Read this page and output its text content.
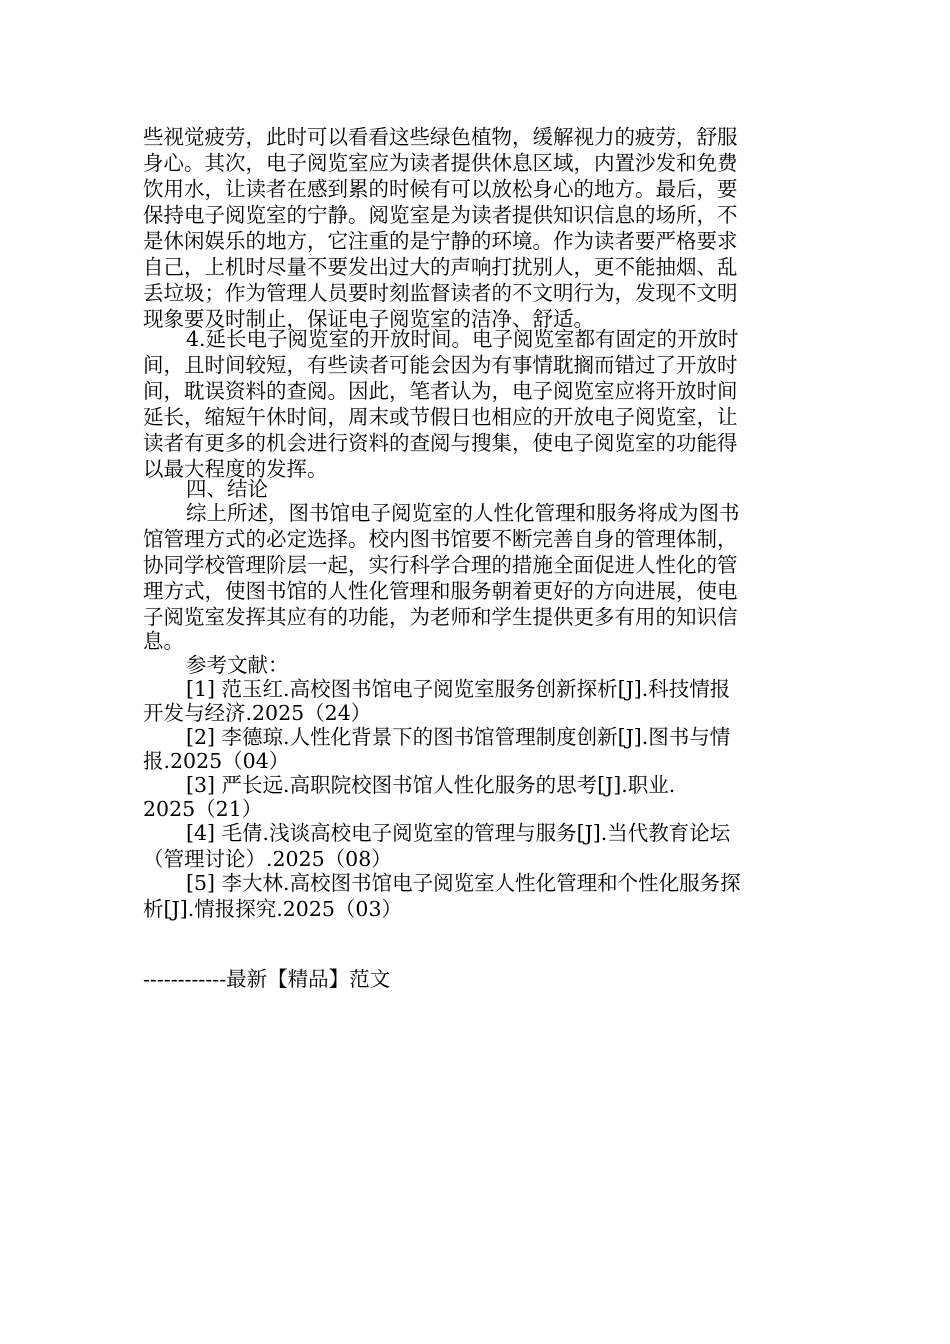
些视觉疲劳，此时可以看看这些绿色植物，缓解视力的疲劳，舒服
身心。其次，电子阅览室应为读者提供休息区域，内置沙发和免费
饮用水，让读者在感到累的时候有可以放松身心的地方。最后，要
保持电子阅览室的宁静。阅览室是为读者提供知识信息的场所，不
是休闲娱乐的地方，它注重的是宁静的环境。作为读者要严格要求
自己，上机时尽量不要发出过大的声响打扰别人，更不能抽烟、乱
丢垃圾；作为管理人员要时刻监督读者的不文明行为，发现不文明
现象要及时制止，保证电子阅览室的洁净、舒适。
4.延长电子阅览室的开放时间。电子阅览室都有固定的开放时
间，且时间较短，有些读者可能会因为有事情耽搁而错过了开放时
间，耽误资料的查阅。因此，笔者认为，电子阅览室应将开放时间
延长，缩短午休时间，周末或节假日也相应的开放电子阅览室，让
读者有更多的机会进行资料的查阅与搜集，使电子阅览室的功能得
以最大程度的发挥。
四、结论
综上所述，图书馆电子阅览室的人性化管理和服务将成为图书
馆管理方式的必定选择。校内图书馆要不断完善自身的管理体制，
协同学校管理阶层一起，实行科学合理的措施全面促进人性化的管
理方式，使图书馆的人性化管理和服务朝着更好的方向进展，使电
子阅览室发挥其应有的功能，为老师和学生提供更多有用的知识信
息。
参考文献：
[1] 范玉红.高校图书馆电子阅览室服务创新探析[J].科技情报
开发与经济.2025（24）
[2] 李德琼.人性化背景下的图书馆管理制度创新[J].图书与情
报.2025（04）
[3] 严长远.高职院校图书馆人性化服务的思考[J].职业.
2025（21）
[4] 毛倩.浅谈高校电子阅览室的管理与服务[J].当代教育论坛
（管理讨论）.2025（08）
[5] 李大林.高校图书馆电子阅览室人性化管理和个性化服务探
析[J].情报探究.2025（03）
------------最新【精品】范文
